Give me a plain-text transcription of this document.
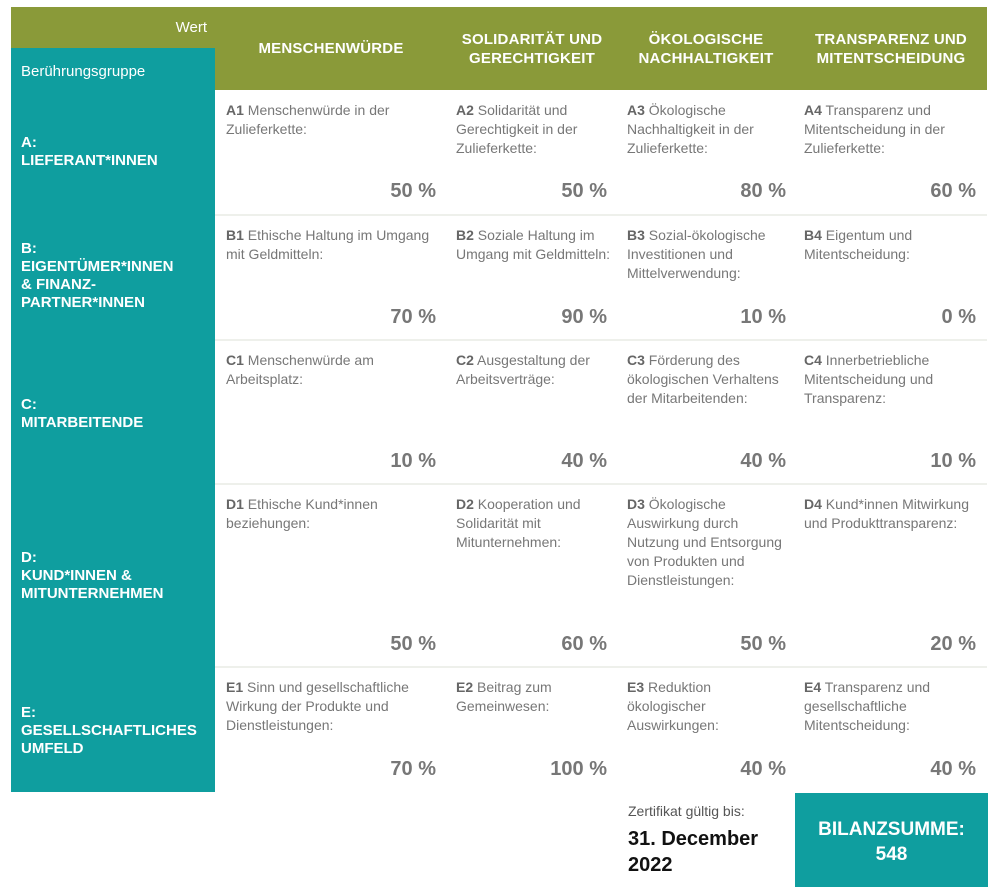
Wert
Berührungsgruppe
MENSCHENWÜRDE
SOLIDARITÄT UND GERECHTIGKEIT
ÖKOLOGISCHE NACHHALTIGKEIT
TRANSPARENZ UND MITENTSCHEIDUNG
A:
LIEFERANT*INNEN
B:
EIGENTÜMER*INNEN
& FINANZ-
PARTNER*INNEN
C:
MITARBEITENDE
D:
KUND*INNEN &
MITUNTERNEHMEN
E:
GESELLSCHAFTLICHES
UMFELD
A1 Menschenwürde in der Zulieferkette:
50 %
A2 Solidarität und Gerechtigkeit in der Zulieferkette:
50 %
A3 Ökologische Nachhaltigkeit in der Zulieferkette:
80 %
A4 Transparenz und Mitentscheidung in der Zulieferkette:
60 %
B1 Ethische Haltung im Umgang mit Geldmitteln:
70 %
B2 Soziale Haltung im Umgang mit Geldmitteln:
90 %
B3 Sozial-ökologische Investitionen und Mittelverwendung:
10 %
B4 Eigentum und Mitentscheidung:
0 %
C1 Menschenwürde am Arbeitsplatz:
10 %
C2 Ausgestaltung der Arbeitsverträge:
40 %
C3 Förderung des ökologischen Verhaltens der Mitarbeitenden:
40 %
C4 Innerbetriebliche Mitentscheidung und Transparenz:
10 %
D1 Ethische Kund*innen beziehungen:
50 %
D2 Kooperation und Solidarität mit Mitunternehmen:
60 %
D3 Ökologische Auswirkung durch Nutzung und Entsorgung von Produkten und Dienstleistungen:
50 %
D4 Kund*innen Mitwirkung und Produkttransparenz:
20 %
E1 Sinn und gesellschaftliche Wirkung der Produkte und Dienstleistungen:
70 %
E2 Beitrag zum Gemeinwesen:
100 %
E3 Reduktion ökologischer Auswirkungen:
40 %
E4 Transparenz und gesellschaftliche Mitentscheidung:
40 %
Zertifikat gültig bis:
31. December 2022
BILANZSUMME:
548
